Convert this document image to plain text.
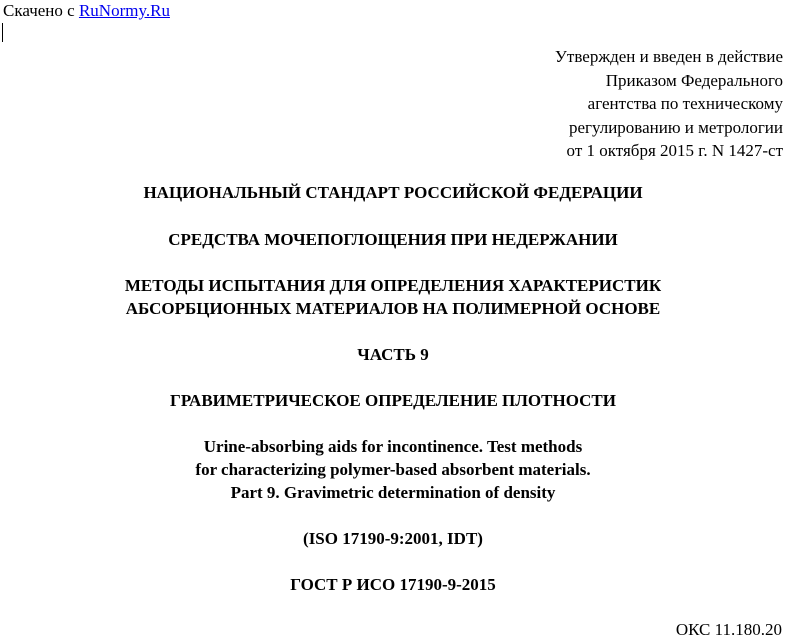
Скачено с RuNormy.Ru
Утвержден и введен в действие
Приказом Федерального
агентства по техническому
регулированию и метрологии
от 1 октября 2015 г. N 1427-ст
НАЦИОНАЛЬНЫЙ СТАНДАРТ РОССИЙСКОЙ ФЕДЕРАЦИИ
СРЕДСТВА МОЧЕПОГЛОЩЕНИЯ ПРИ НЕДЕРЖАНИИ
МЕТОДЫ ИСПЫТАНИЯ ДЛЯ ОПРЕДЕЛЕНИЯ ХАРАКТЕРИСТИК
АБСОРБЦИОННЫХ МАТЕРИАЛОВ НА ПОЛИМЕРНОЙ ОСНОВЕ
ЧАСТЬ 9
ГРАВИМЕТРИЧЕСКОЕ ОПРЕДЕЛЕНИЕ ПЛОТНОСТИ
Urine-absorbing aids for incontinence. Test methods
for characterizing polymer-based absorbent materials.
Part 9. Gravimetric determination of density
(ISO 17190-9:2001, IDT)
ГОСТ Р ИСО 17190-9-2015
ОКС 11.180.20
